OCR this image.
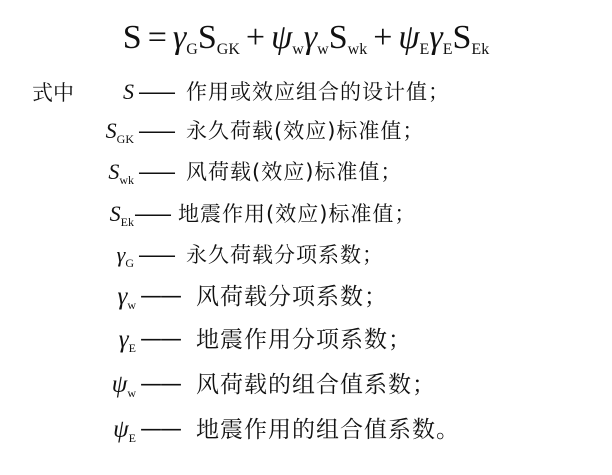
$S = \gamma_GS_{GK} + \psi_w\gamma_wS_{wk} + \psi_E\gamma_ES_{Ek}$
式中	S —— 作用或效应组合的设计值；
$S_{GK}$ —— 永久荷载(效应)标准值；
$S_{wk}$ —— 风荷载(效应)标准值；
$S_{Ek}$ —— 地震作用(效应)标准值；
$\gamma_G$ —— 永久荷载分项系数；
$\gamma_w$ —— 风荷载分项系数；
$\gamma_E$ —— 地震作用分项系数；
$\psi_w$ —— 风荷载的组合值系数；
$\psi_E$ —— 地震作用的组合值系数。
